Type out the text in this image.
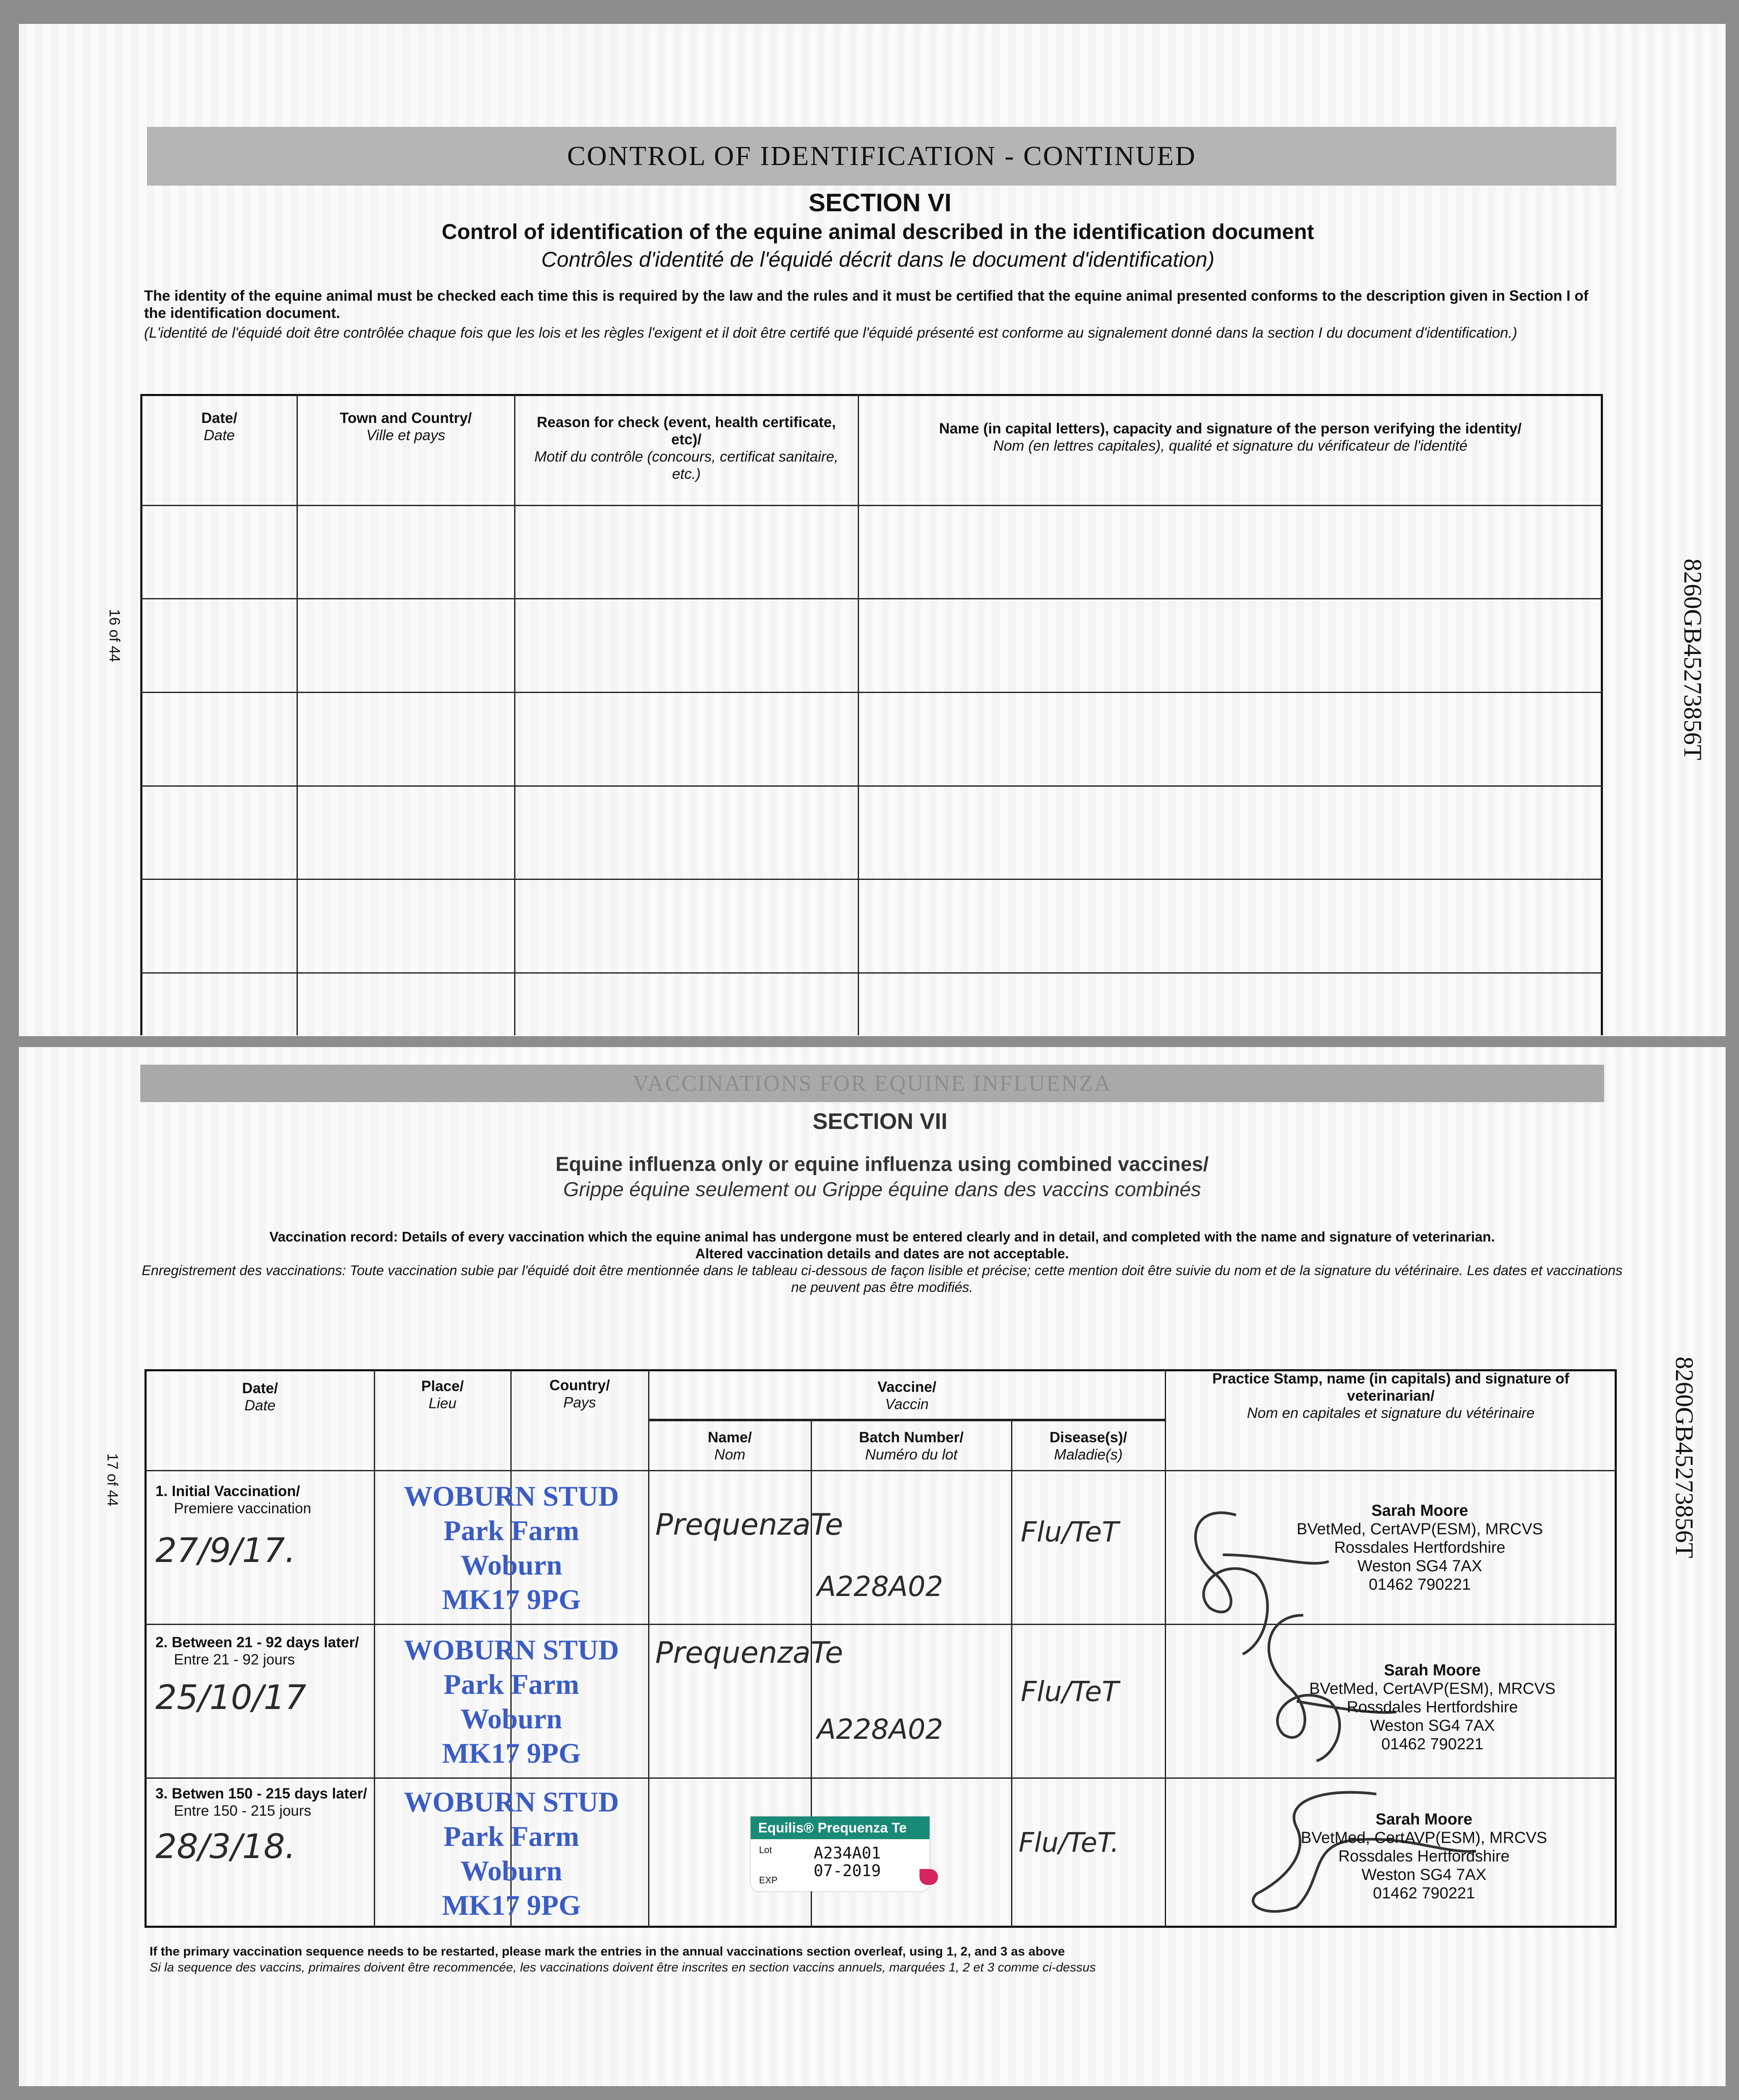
CONTROL OF IDENTIFICATION - CONTINUED
SECTION VI
Control of identification of the equine animal described in the identification document
Contrôles d'identité de l'équidé décrit dans le document d'identification)
The identity of the equine animal must be checked each time this is required by the law and the rules and it must be certified that the equine animal presented conforms to the description given in Section I of the identification document.
(L'identité de l'équidé doit être contrôlée chaque fois que les lois et les règles l'exigent et il doit être certifé que l'équidé présenté est conforme au signalement donné dans la section I du document d'identification.)
Date/
Date
Town and Country/
Ville et pays
Reason for check (event, health certificate, etc)/
Motif du contrôle (concours, certificat sanitaire, etc.)
Name (in capital letters), capacity and signature of the person verifying the identity/
Nom (en lettres capitales), qualité et signature du vérificateur de l'identité
16 of 44	8260GB45273856T
VACCINATIONS FOR EQUINE INFLUENZA
SECTION VII
Equine influenza only or equine influenza using combined vaccines/
Grippe équine seulement ou Grippe équine dans des vaccins combinés
Vaccination record: Details of every vaccination which the equine animal has undergone must be entered clearly and in detail, and completed with the name and signature of veterinarian.
Altered vaccination details and dates are not acceptable.
Enregistrement des vaccinations: Toute vaccination subie par l'équidé doit être mentionnée dans le tableau ci-dessous de façon lisible et précise; cette mention doit être suivie du nom et de la signature du vétérinaire. Les dates et vaccinations ne peuvent pas être modifiés.
Date/
Date
Place/
Lieu
Country/
Pays
Vaccine/
Vaccin
Name/
Nom
Batch Number/
Numéro du lot
Disease(s)/
Maladie(s)
Practice Stamp, name (in capitals) and signature of veterinarian/
Nom en capitales et signature du vétérinaire
1. Initial Vaccination/
Premiere vaccination
27/9/17.
WOBURN STUD
Park Farm
Woburn
MK17 9PG
PrequenzaTe
A228A02
Flu/TeT
Sarah Moore
BVetMed, CertAVP(ESM), MRCVS
Rossdales Hertfordshire
Weston SG4 7AX
01462 790221
2. Between 21 - 92 days later/
Entre 21 - 92 jours
25/10/17
WOBURN STUD
Park Farm
Woburn
MK17 9PG
PrequenzaTe
A228A02
Flu/TeT
Sarah Moore
BVetMed, CertAVP(ESM), MRCVS
Rossdales Hertfordshire
Weston SG4 7AX
01462 790221
3. Betwen 150 - 215 days later/
Entre 150 - 215 jours
28/3/18.
WOBURN STUD
Park Farm
Woburn
MK17 9PG
Equilis® Prequenza Te
Lot
EXP
A234A01
07-2019
Flu/TeT.
Sarah Moore
BVetMed, CertAVP(ESM), MRCVS
Rossdales Hertfordshire
Weston SG4 7AX
01462 790221
If the primary vaccination sequence needs to be restarted, please mark the entries in the annual vaccinations section overleaf, using 1, 2, and 3 as above
Si la sequence des vaccins, primaires doivent être recommencée, les vaccinations doivent être inscrites en section vaccins annuels, marquées 1, 2 et 3 comme ci-dessus
17 of 44	8260GB45273856T
